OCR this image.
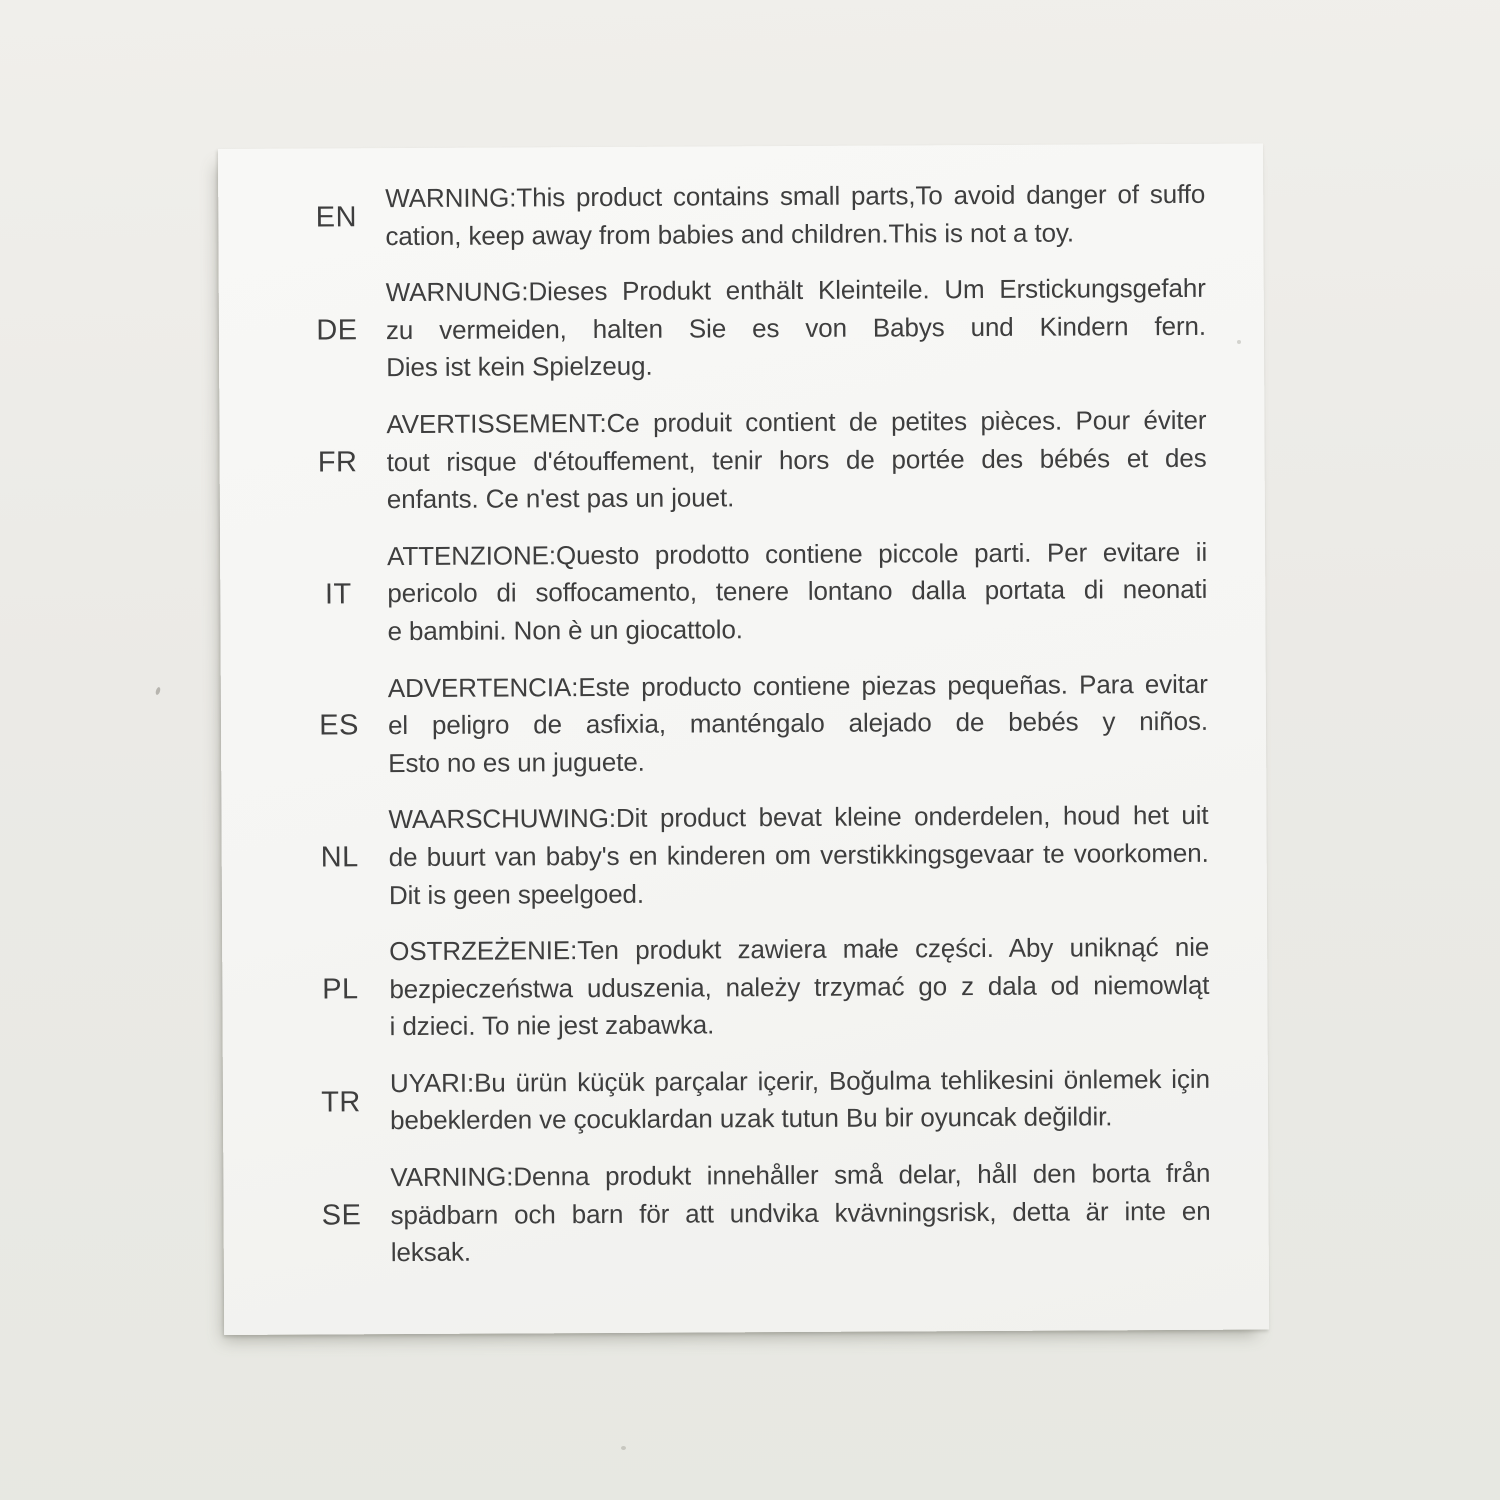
EN
WARNING:This product contains small parts,To avoid danger of suffo
cation, keep away from babies and children.This is not a toy.
DE
WARNUNG:Dieses Produkt enthält Kleinteile. Um Erstickungsgefahr
zu vermeiden, halten Sie es von Babys und Kindern fern.
Dies ist kein Spielzeug.
FR
AVERTISSEMENT:Ce produit contient de petites pièces. Pour éviter
tout risque d'étouffement, tenir hors de portée des bébés et des
enfants. Ce n'est pas un jouet.
IT
ATTENZIONE:Questo prodotto contiene piccole parti. Per evitare ii
pericolo di soffocamento, tenere lontano dalla portata di neonati
e bambini. Non è un giocattolo.
ES
ADVERTENCIA:Este producto contiene piezas pequeñas. Para evitar
el peligro de asfixia, manténgalo alejado de bebés y niños.
Esto no es un juguete.
NL
WAARSCHUWING:Dit product bevat kleine onderdelen, houd het uit
de buurt van baby's en kinderen om verstikkingsgevaar te voorkomen.
Dit is geen speelgoed.
PL
OSTRZEŻENIE:Ten produkt zawiera małe części. Aby uniknąć nie
bezpieczeństwa uduszenia, należy trzymać go z dala od niemowląt
i dzieci. To nie jest zabawka.
TR
UYARI:Bu ürün küçük parçalar içerir, Boğulma tehlikesini önlemek için
bebeklerden ve çocuklardan uzak tutun Bu bir oyuncak değildir.
SE
VARNING:Denna produkt innehåller små delar, håll den borta från
spädbarn och barn för att undvika kvävningsrisk, detta är inte en
leksak.
